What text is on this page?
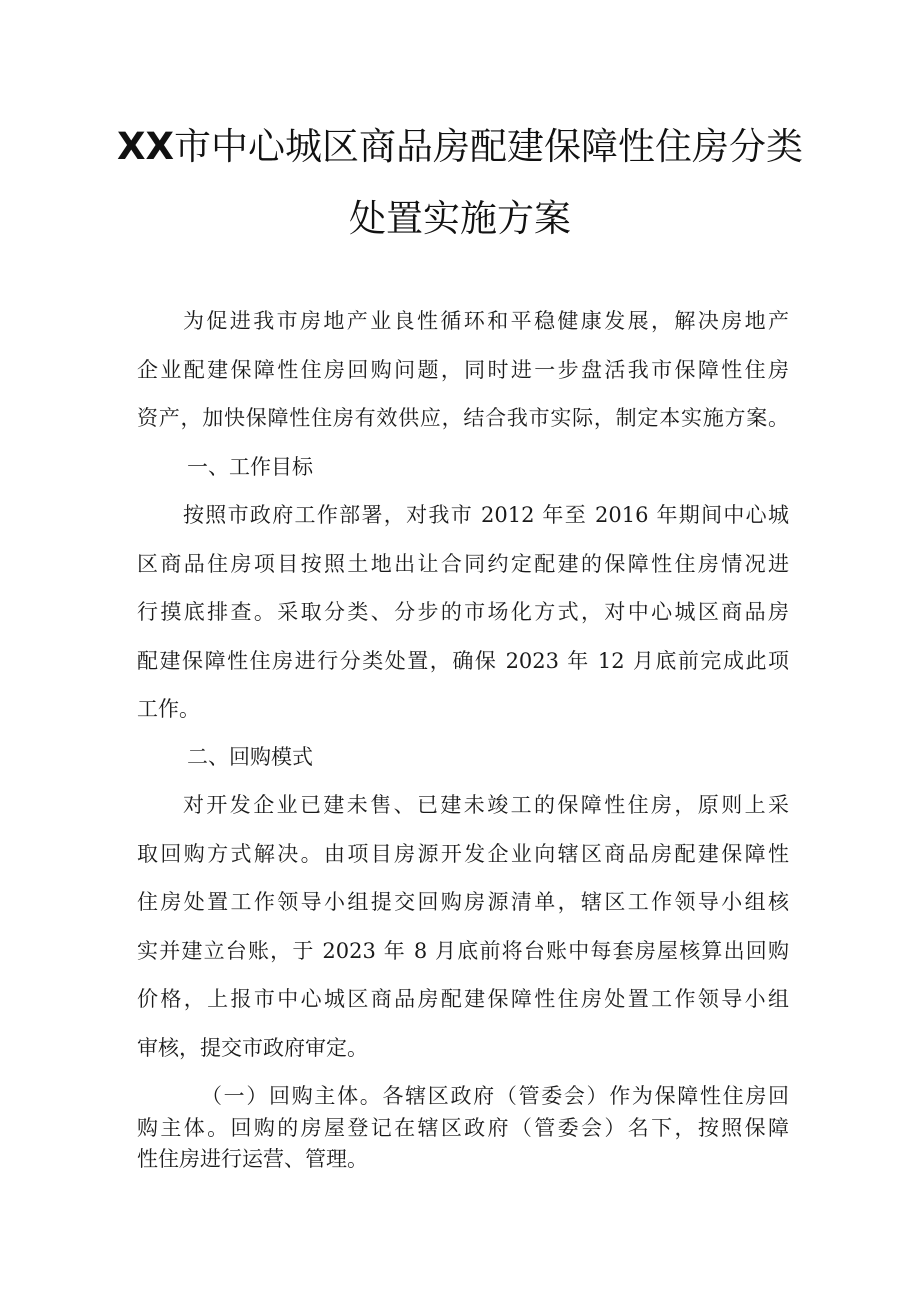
XX市中心城区商品房配建保障性住房分类
处置实施方案
为促进我市房地产业良性循环和平稳健康发展，解决房地产
企业配建保障性住房回购问题，同时进一步盘活我市保障性住房
资产，加快保障性住房有效供应，结合我市实际，制定本实施方案。
一、工作目标
按照市政府工作部署，对我市 2012 年至 2016 年期间中心城
区商品住房项目按照土地出让合同约定配建的保障性住房情况进
行摸底排查。采取分类、分步的市场化方式，对中心城区商品房
配建保障性住房进行分类处置，确保 2023 年 12 月底前完成此项
工作。
二、回购模式
对开发企业已建未售、已建未竣工的保障性住房，原则上采
取回购方式解决。由项目房源开发企业向辖区商品房配建保障性
住房处置工作领导小组提交回购房源清单，辖区工作领导小组核
实并建立台账，于 2023 年 8 月底前将台账中每套房屋核算出回购
价格，上报市中心城区商品房配建保障性住房处置工作领导小组
审核，提交市政府审定。
（一）回购主体。各辖区政府（管委会）作为保障性住房回
购主体。回购的房屋登记在辖区政府（管委会）名下，按照保障
性住房进行运营、管理。
